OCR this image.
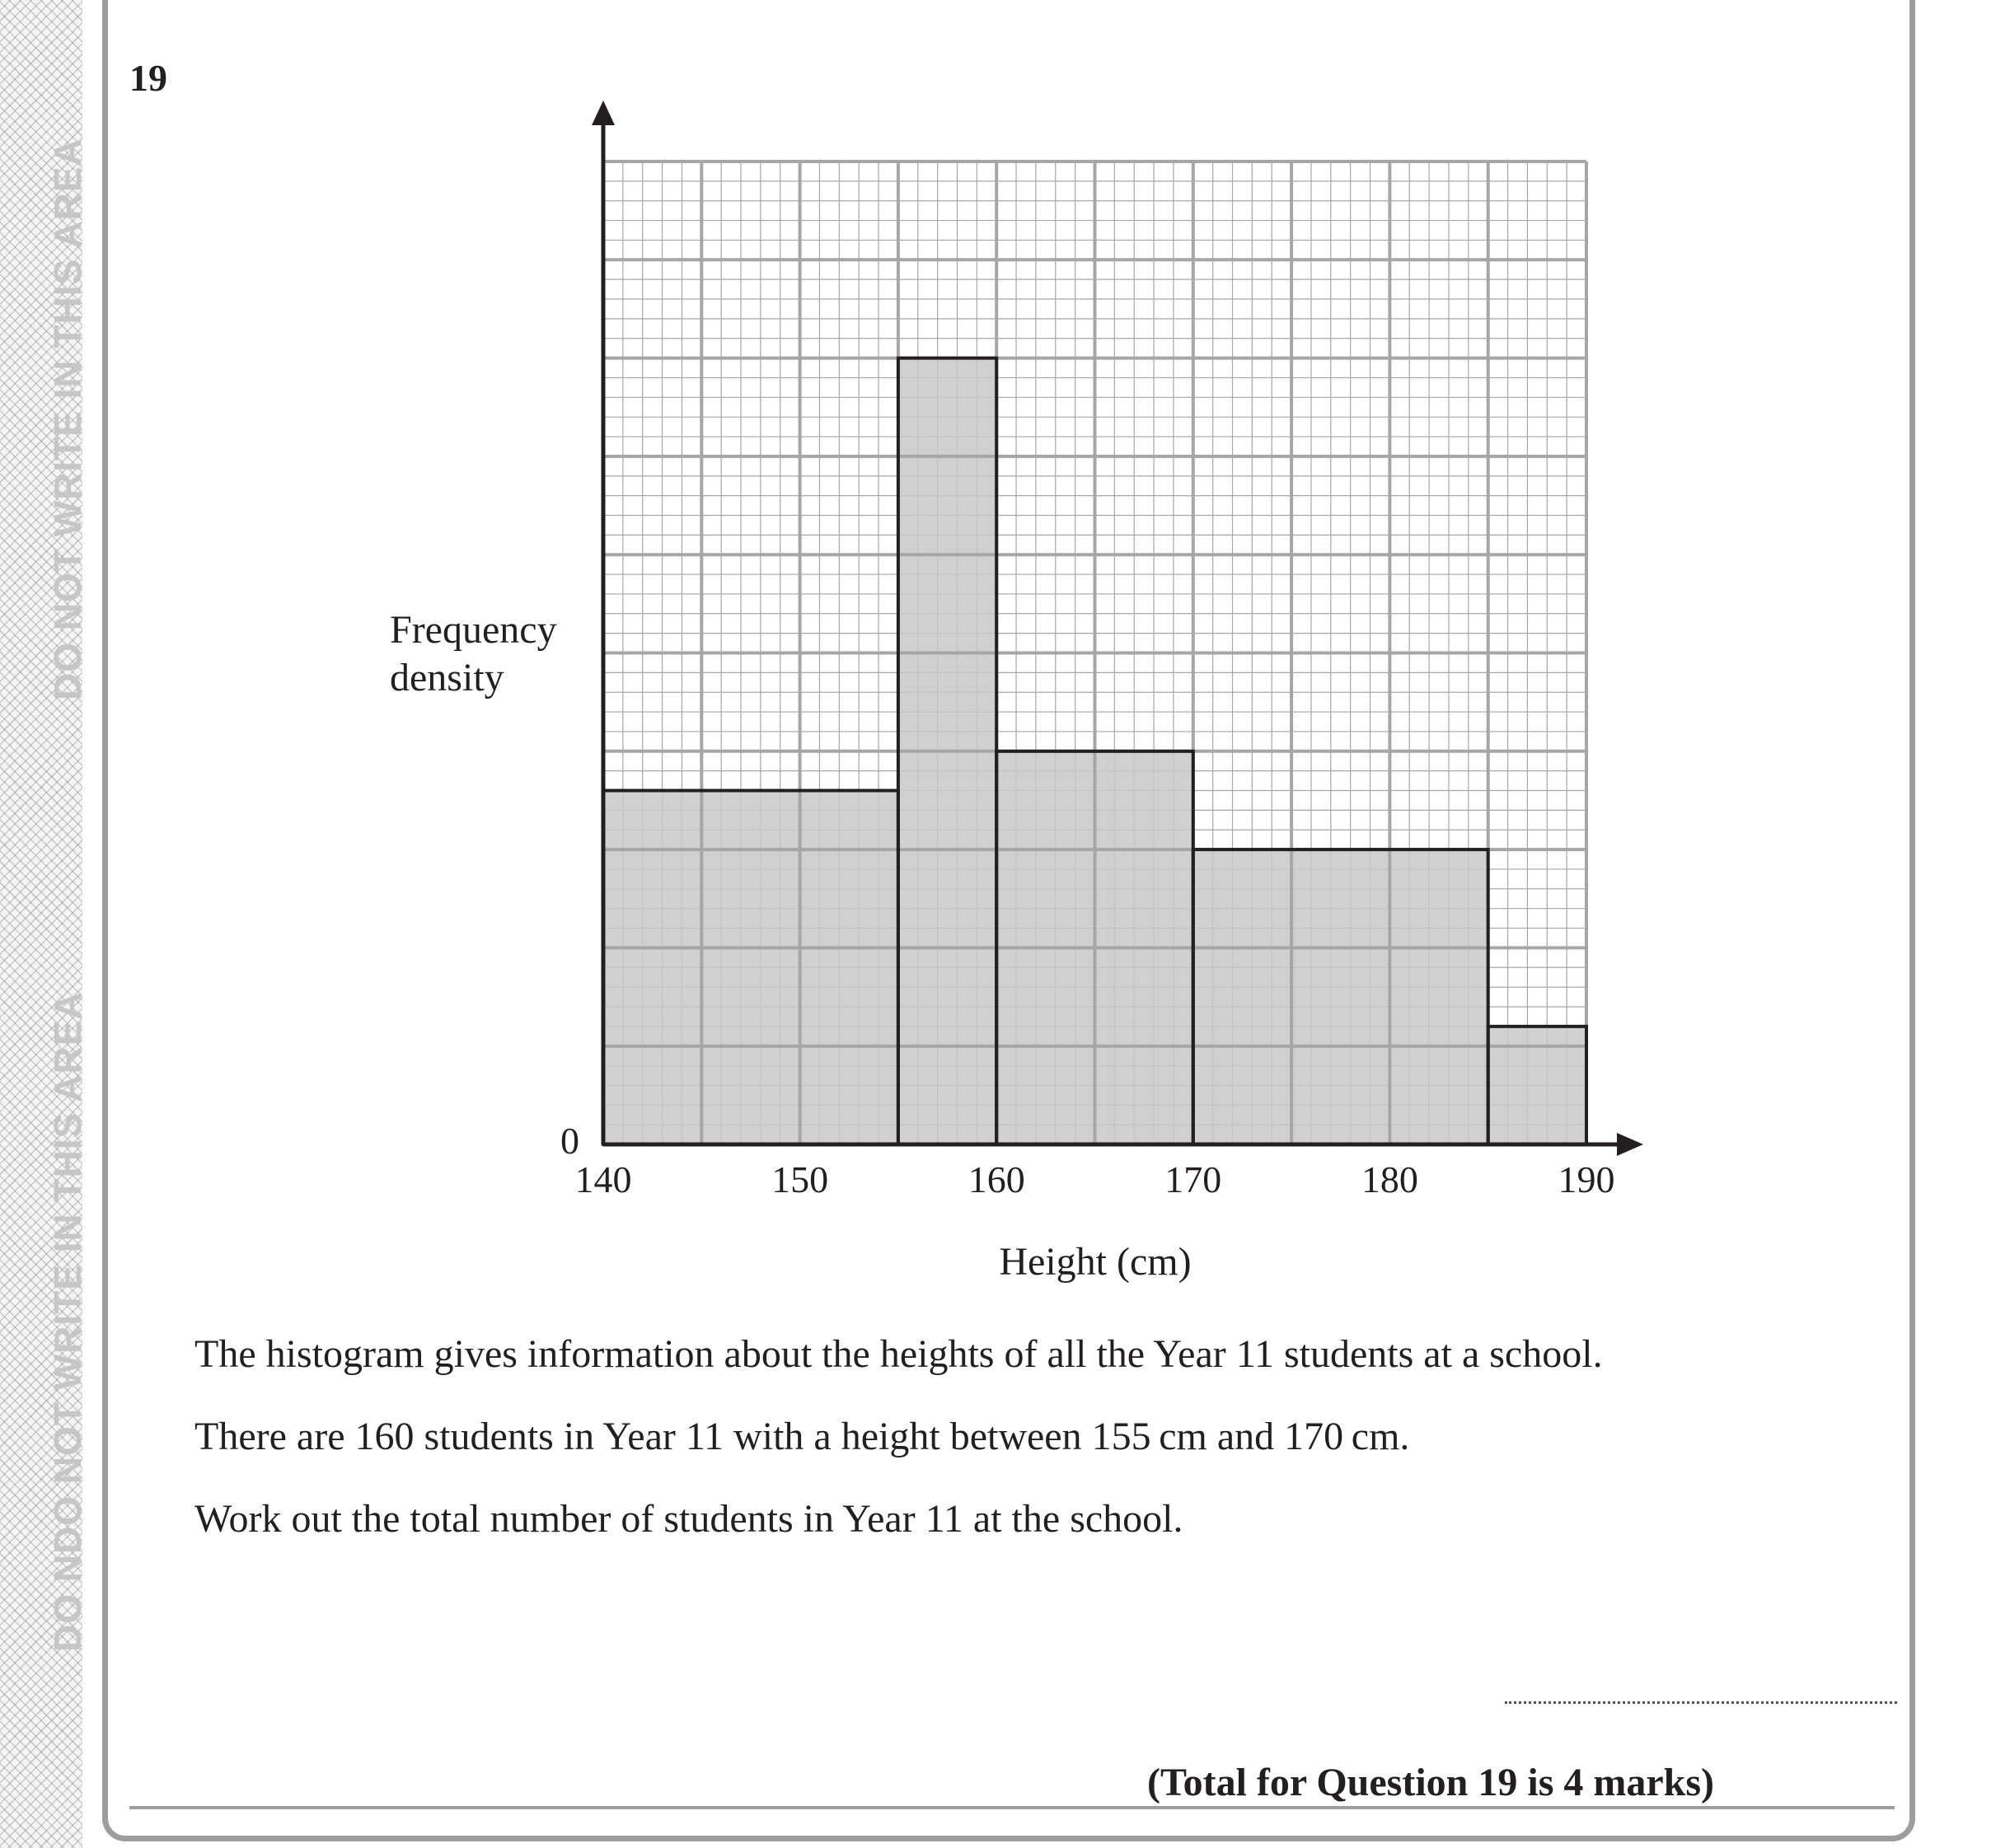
DO NOT WRITE IN THIS AREA
DO NDO NOT WRITE IN THIS AREA
19
140	150	160	170	180	190
0
Height (cm)
Frequency density
The histogram gives information about the heights of all the Year 11 students at a school.
There are 160 students in Year 11 with a height between 155 cm and 170 cm.
Work out the total number of students in Year 11 at the school.
(Total for Question 19 is 4 marks)
